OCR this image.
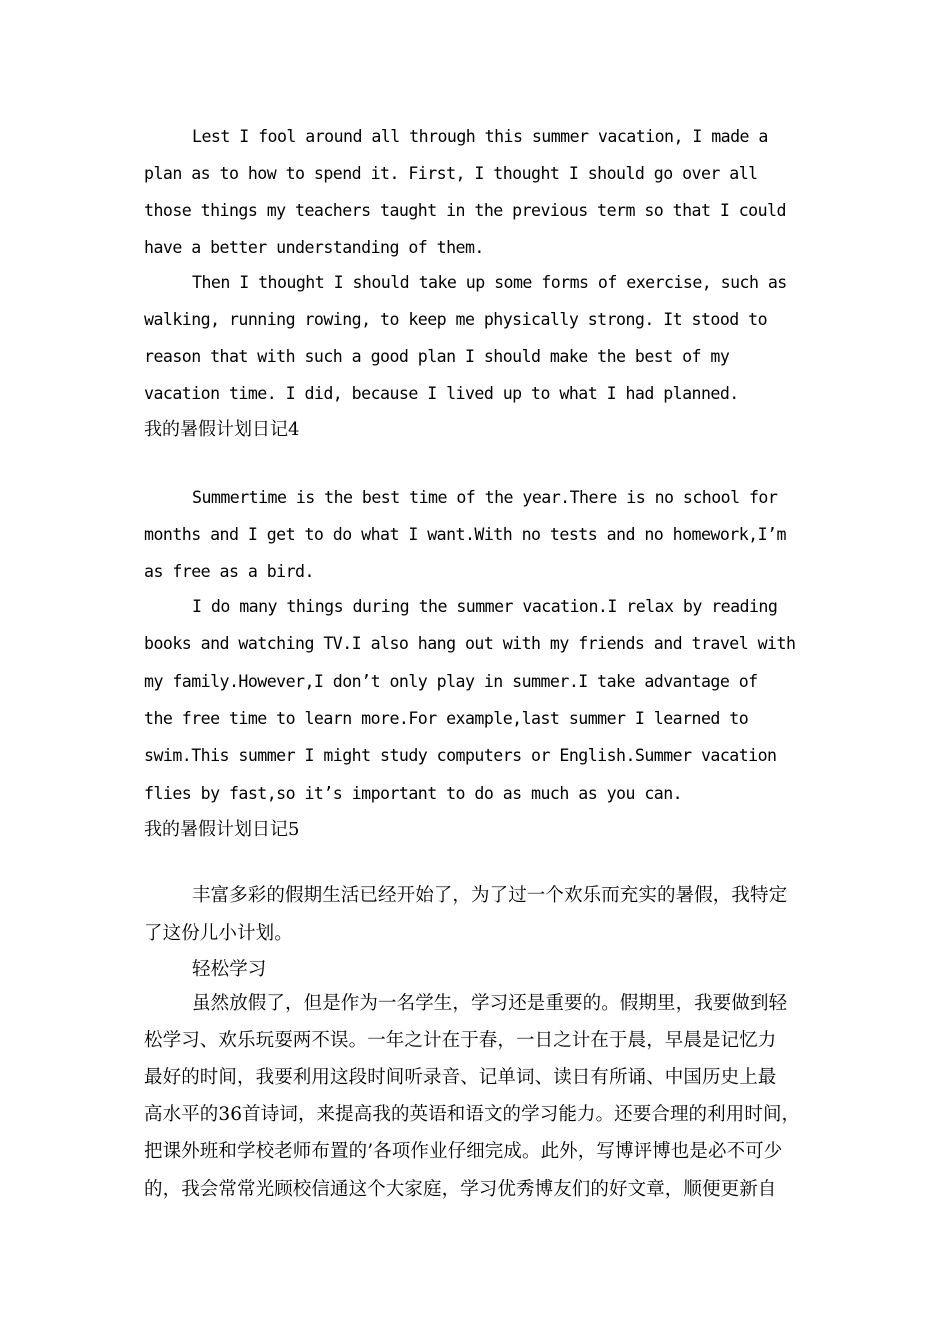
Lest I fool around all through this summer vacation, I made a
plan as to how to spend it. First, I thought I should go over all
those things my teachers taught in the previous term so that I could
have a better understanding of them.
Then I thought I should take up some forms of exercise, such as
walking, running rowing, to keep me physically strong. It stood to
reason that with such a good plan I should make the best of my
vacation time. I did, because I lived up to what I had planned.
我的暑假计划日记4
Summertime is the best time of the year.There is no school for
months and I get to do what I want.With no tests and no homework,I’m
as free as a bird.
I do many things during the summer vacation.I relax by reading
books and watching TV.I also hang out with my friends and travel with
my family.However,I don’t only play in summer.I take advantage of
the free time to learn more.For example,last summer I learned to
swim.This summer I might study computers or English.Summer vacation
flies by fast,so it’s important to do as much as you can.
我的暑假计划日记5
丰富多彩的假期生活已经开始了，为了过一个欢乐而充实的暑假，我特定
了这份儿小计划。
轻松学习
虽然放假了，但是作为一名学生，学习还是重要的。假期里，我要做到轻
松学习、欢乐玩耍两不误。一年之计在于春，一日之计在于晨，早晨是记忆力
最好的时间，我要利用这段时间听录音、记单词、读日有所诵、中国历史上最
高水平的36首诗词，来提高我的英语和语文的学习能力。还要合理的利用时间，
把课外班和学校老师布置的’各项作业仔细完成。此外，写博评博也是必不可少
的，我会常常光顾校信通这个大家庭，学习优秀博友们的好文章，顺便更新自
